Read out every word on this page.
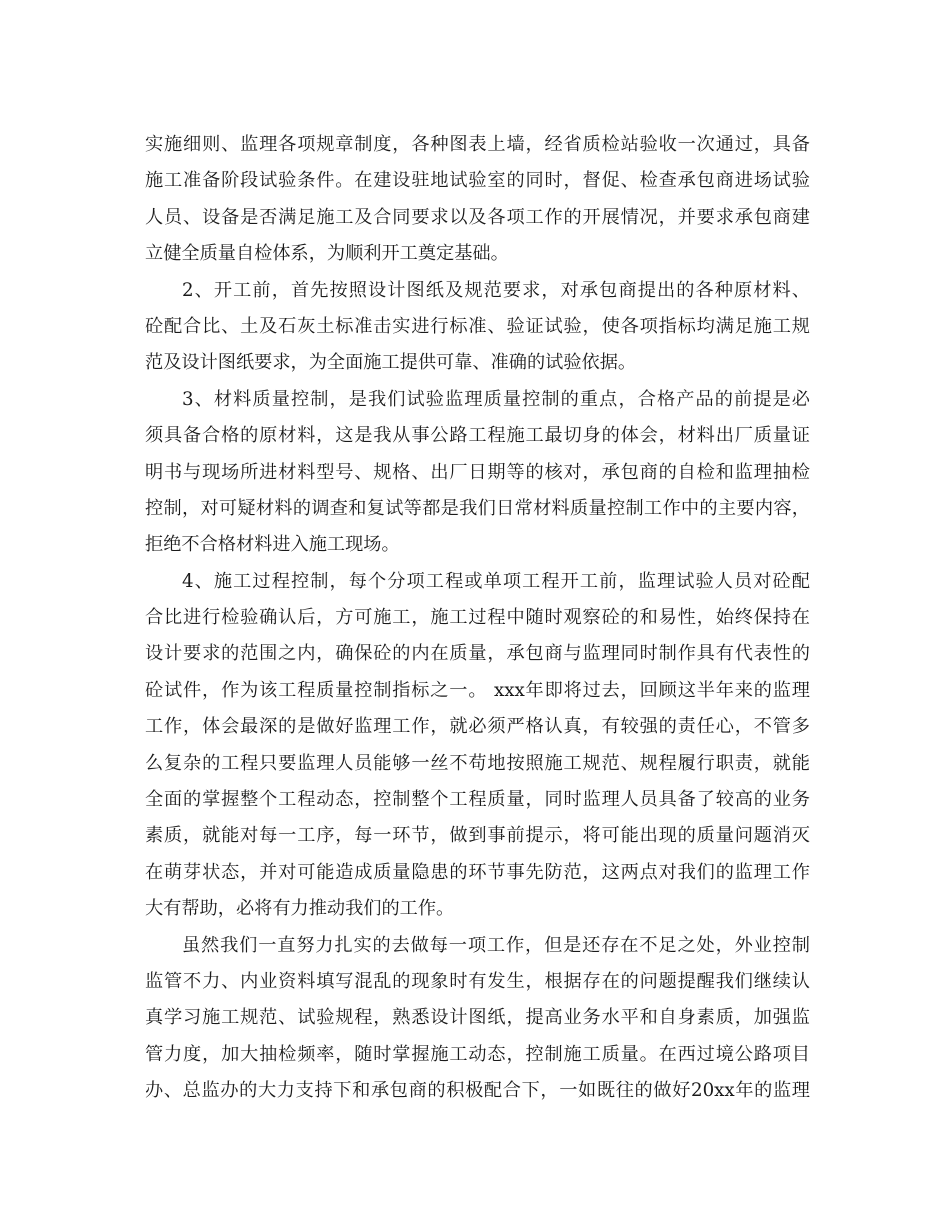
实施细则、监理各项规章制度，各种图表上墙，经省质检站验收一次通过，具备
施工准备阶段试验条件。在建设驻地试验室的同时，督促、检查承包商进场试验
人员、设备是否满足施工及合同要求以及各项工作的开展情况，并要求承包商建
立健全质量自检体系，为顺利开工奠定基础。
2、开工前，首先按照设计图纸及规范要求，对承包商提出的各种原材料、
砼配合比、土及石灰土标准击实进行标准、验证试验，使各项指标均满足施工规
范及设计图纸要求，为全面施工提供可靠、准确的试验依据。
3、材料质量控制，是我们试验监理质量控制的重点，合格产品的前提是必
须具备合格的原材料，这是我从事公路工程施工最切身的体会，材料出厂质量证
明书与现场所进材料型号、规格、出厂日期等的核对，承包商的自检和监理抽检
控制，对可疑材料的调查和复试等都是我们日常材料质量控制工作中的主要内容，
拒绝不合格材料进入施工现场。
4、施工过程控制，每个分项工程或单项工程开工前，监理试验人员对砼配
合比进行检验确认后，方可施工，施工过程中随时观察砼的和易性，始终保持在
设计要求的范围之内，确保砼的内在质量，承包商与监理同时制作具有代表性的
砼试件，作为该工程质量控制指标之一。 xxx年即将过去，回顾这半年来的监理
工作，体会最深的是做好监理工作，就必须严格认真，有较强的责任心，不管多
么复杂的工程只要监理人员能够一丝不苟地按照施工规范、规程履行职责，就能
全面的掌握整个工程动态，控制整个工程质量，同时监理人员具备了较高的业务
素质，就能对每一工序，每一环节，做到事前提示，将可能出现的质量问题消灭
在萌芽状态，并对可能造成质量隐患的环节事先防范，这两点对我们的监理工作
大有帮助，必将有力推动我们的工作。
虽然我们一直努力扎实的去做每一项工作，但是还存在不足之处，外业控制
监管不力、内业资料填写混乱的现象时有发生，根据存在的问题提醒我们继续认
真学习施工规范、试验规程，熟悉设计图纸，提高业务水平和自身素质，加强监
管力度，加大抽检频率，随时掌握施工动态，控制施工质量。在西过境公路项目
办、总监办的大力支持下和承包商的积极配合下，一如既往的做好20xx年的监理
